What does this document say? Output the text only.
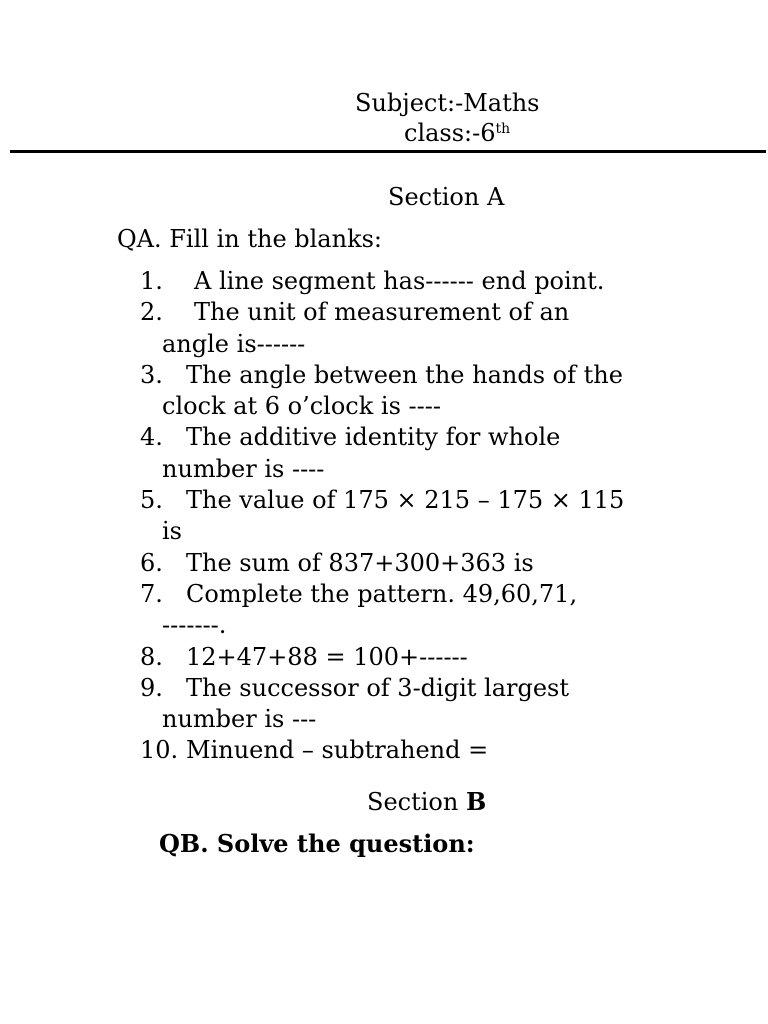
Subject:-Maths
class:-6th
Section A
QA. Fill in the blanks:
1.	A line segment has------ end point.
2.	The unit of measurement of an
angle is------
3. The angle between the hands of the
clock at 6 o’clock is ----
4. The additive identity for whole
number is ----
5. The value of 175 × 215 – 175 × 115
is
6. The sum of 837+300+363 is
7. Complete the pattern. 49,60,71,
-------.
8. 12+47+88 = 100+------
9. The successor of 3-digit largest
number is ---
10. Minuend – subtrahend =
Section B
QB. Solve the question:
